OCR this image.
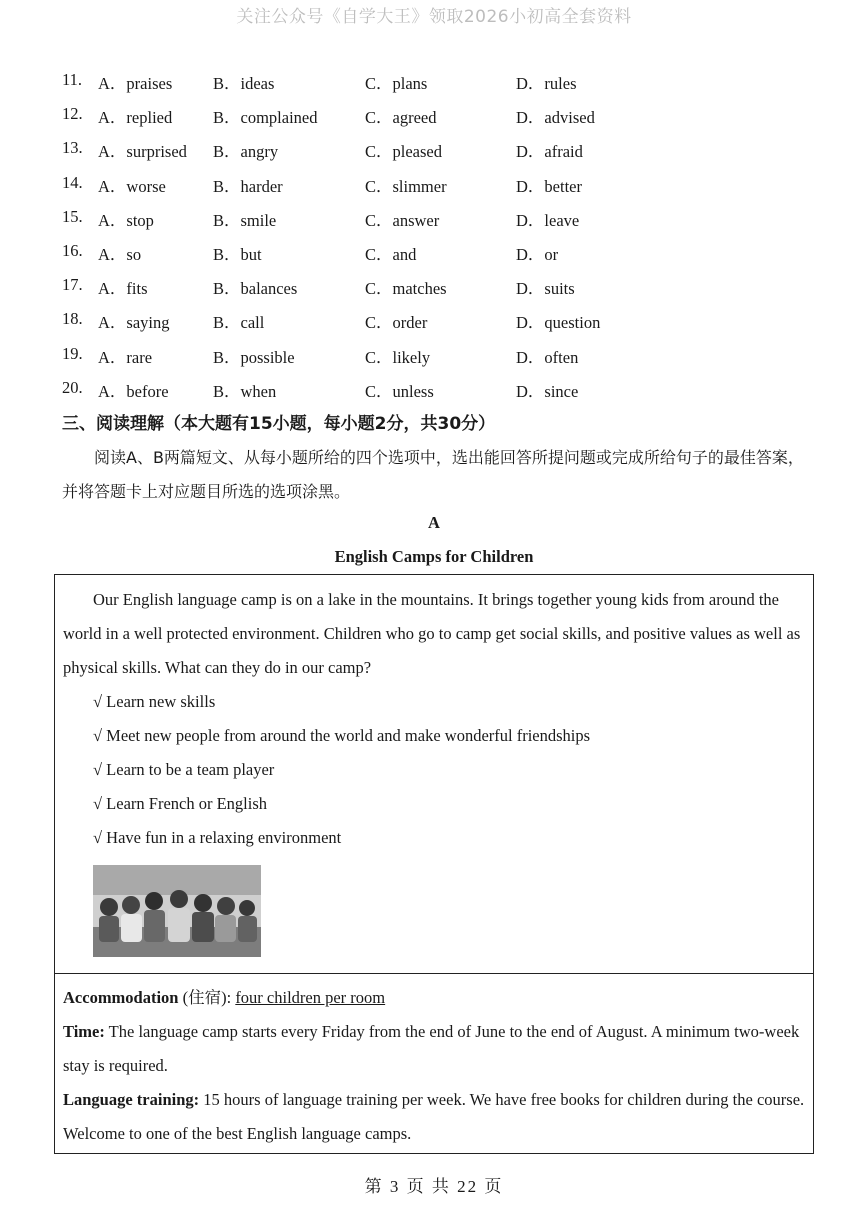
关注公众号《自学大王》领取2026小初高全套资料
11. A．praises B．ideas	C．plans	D．rules
12. A．replied B．complained	C．agreed	D．advised
13. A．surprised B．angry	C．pleased	D．afraid
14. A．worse	B．harder	C．slimmer	D．better
15. A．stop	B．smile	C．answer	D．leave
16. A．so	B．but	C．and	D．or
17. A．fits	B．balances	C．matches	D．suits
18. A．saying	B．call	C．order	D．question
19. A．rare	B．possible	C．likely	D．often
20. A．before	B．when	C．unless	D．since
三、阅读理解（本大题有15小题，每小题2分，共30分）
阅读A、B两篇短文、从每小题所给的四个选项中，选出能回答所提问题或完成所给句子的最佳答案，并将答题卡上对应题目所选的选项涂黑。
A
English Camps for Children
Our English language camp is on a lake in the mountains. It brings together young kids from around the world in a well protected environment. Children who go to camp get social skills, and positive values as well as physical skills. What can they do in our camp?
√ Learn new skills
√ Meet new people from around the world and make wonderful friendships
√ Learn to be a team player
√ Learn French or English
√ Have fun in a relaxing environment
Accommodation (住宿): four children per room
Time: The language camp starts every Friday from the end of June to the end of August. A minimum two-week stay is required.
Language training: 15 hours of language training per week. We have free books for children during the course. Welcome to one of the best English language camps.
第 3 页 共 22 页
